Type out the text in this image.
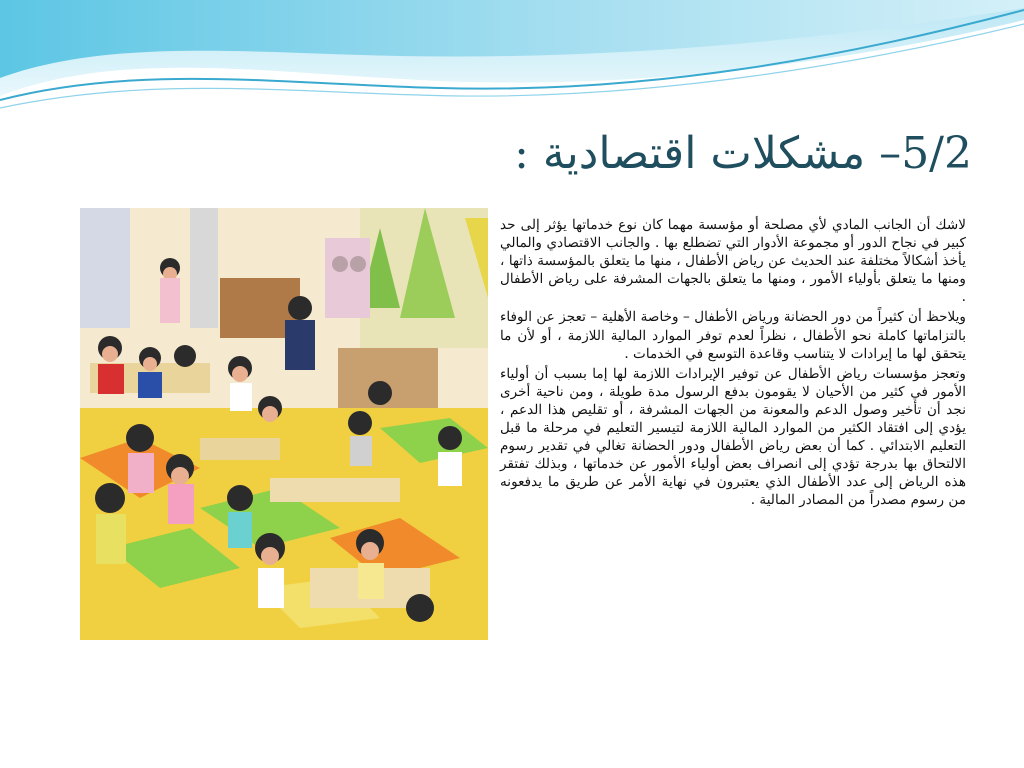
5/2– مشكلات اقتصادية :

لاشك أن الجانب المادي لأي مصلحة أو مؤسسة مهما كان نوع خدماتها يؤثر إلى حد كبير في نجاح الدور أو مجموعة الأدوار التي تضطلع بها . والجانب الاقتصادي والمالي يأخذ أشكالاً مختلفة عند الحديث عن رياض الأطفال ، منها ما يتعلق بالمؤسسة ذاتها ، ومنها ما يتعلق بأولياء الأمور ، ومنها ما يتعلق بالجهات المشرفة على رياض الأطفال .

ويلاحظ أن كثيراً من دور الحضانة ورياض الأطفال – وخاصة الأهلية – تعجز عن الوفاء بالتزاماتها كاملة نحو الأطفال ، نظراً لعدم توفر الموارد المالية اللازمة ، أو لأن ما يتحقق لها ما إيرادات لا يتناسب وقاعدة التوسع في الخدمات .

وتعجز مؤسسات رياض الأطفال عن توفير الإيرادات اللازمة لها إما بسبب أن أولياء الأمور في كثير من الأحيان لا يقومون بدفع الرسول مدة طويلة ، ومن ناحية أخرى نجد أن تأخير وصول الدعم والمعونة من الجهات المشرفة ، أو تقليص هذا الدعم ، يؤدي إلى افتقاد الكثير من الموارد المالية اللازمة لتيسير التعليم في مرحلة ما قبل التعليم الابتدائي . كما أن بعض رياض الأطفال ودور الحضانة تغالي في تقدير رسوم الالتحاق بها بدرجة تؤدي إلى انصراف بعض أولياء الأمور عن خدماتها ، وبذلك تفتقر هذه الرياض إلى عدد الأطفال الذي يعتبرون في نهاية الأمر عن طريق ما يدفعونه من رسوم مصدراً من المصادر المالية .
